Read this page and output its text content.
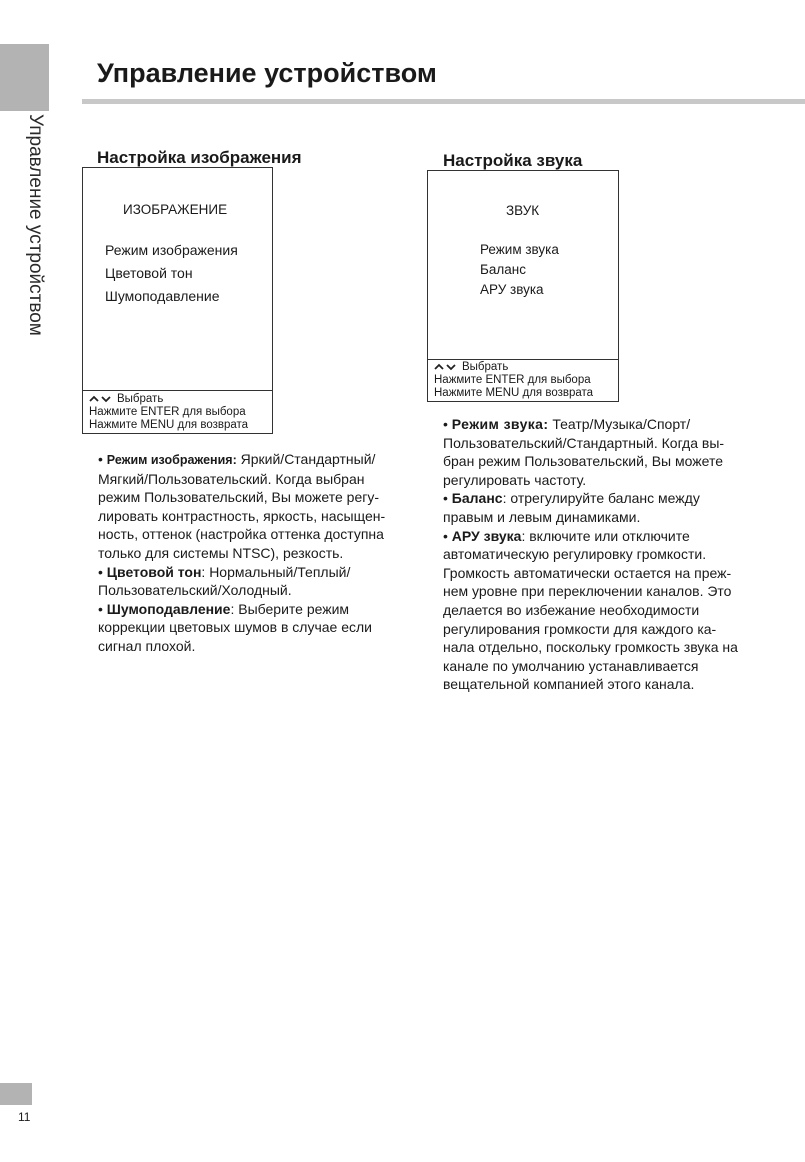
Управление устройством
Управление устройством
Настройка изображения
ИЗОБРАЖЕНИЕ
Режим изображения
Цветовой тон
Шумоподавление
Выбрать
Нажмите ENTER для выбора
Нажмите MENU для возврата

• Режим изображения: Яркий/Стандартный/ Мягкий/Пользовательский. Когда выбран режим Пользовательский, Вы можете регу-лировать контрастность, яркость, насыщен-ность, оттенок (настройка оттенка доступна только для системы NTSC), резкость.

• Цветовой тон: Нормальный/Теплый/ Пользовательский/Холодный.

• Шумоподавление: Выберите режим коррекции цветовых шумов в случае если сигнал плохой.

Настройка звука
ЗВУК
Режим звука
Баланс
АРУ звука
Выбрать
Нажмите ENTER для выбора
Нажмите MENU для возврата

• Режим звука: Театр/Музыка/Спорт/ Пользовательский/Стандартный. Когда вы-бран режим Пользовательский, Вы можете регулировать частоту.

• Баланс: отрегулируйте баланс между правым и левым динамиками.

• АРУ звука: включите или отключите автоматическую регулировку громкости. Громкость автоматически остается на преж-нем уровне при переключении каналов. Это делается во избежание необходимости регулирования громкости для каждого ка-нала отдельно, поскольку громкость звука на канале по умолчанию устанавливается вещательной компанией этого канала.

11
